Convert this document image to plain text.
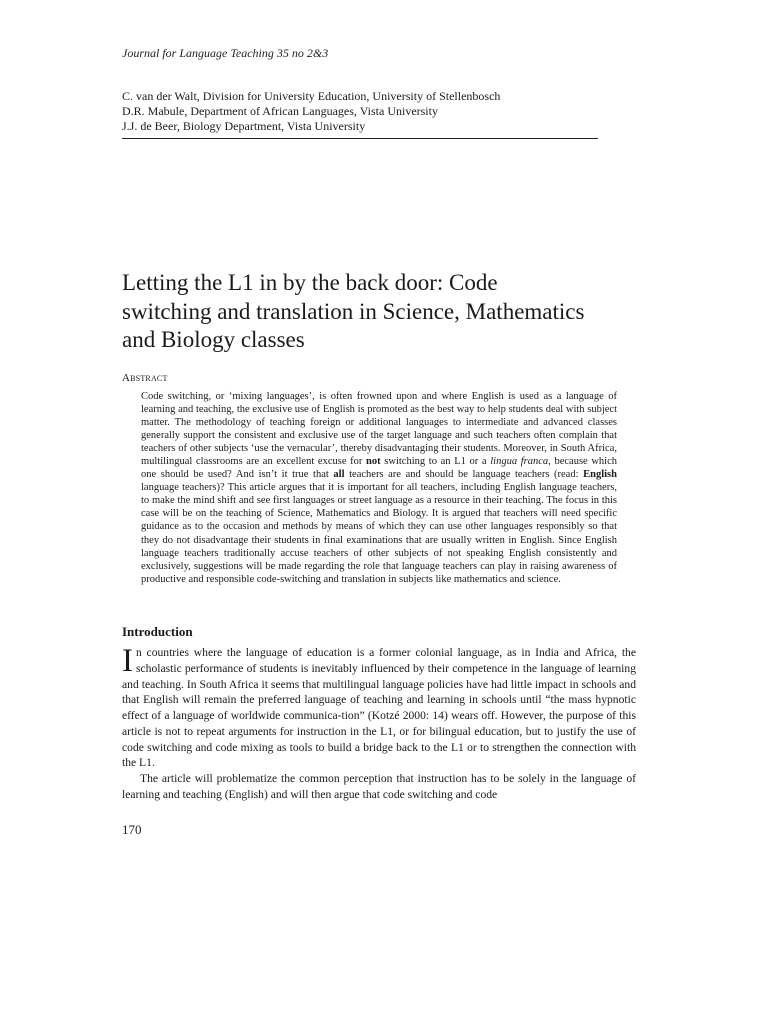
Journal for Language Teaching 35 no 2&3
C. van der Walt, Division for University Education, University of Stellenbosch
D.R. Mabule, Department of African Languages, Vista University
J.J. de Beer, Biology Department, Vista University
Letting the L1 in by the back door: Code switching and translation in Science, Mathematics and Biology classes
Abstract

Code switching, or ‘mixing languages’, is often frowned upon and where English is used as a language of learning and teaching, the exclusive use of English is promoted as the best way to help students deal with subject matter. The methodology of teaching foreign or additional languages to intermediate and advanced classes generally support the consistent and exclusive use of the target language and such teachers often complain that teachers of other subjects ‘use the vernacular’, thereby disadvantaging their students. Moreover, in South Africa, multilingual classrooms are an excellent excuse for not switching to an L1 or a lingua franca, because which one should be used? And isn’t it true that all teachers are and should be language teachers (read: English language teachers)? This article argues that it is important for all teachers, including English language teachers, to make the mind shift and see first languages or street language as a resource in their teaching. The focus in this case will be on the teaching of Science, Mathematics and Biology. It is argued that teachers will need specific guidance as to the occasion and methods by means of which they can use other languages responsibly so that they do not disadvantage their students in final examinations that are usually written in English. Since English language teachers traditionally accuse teachers of other subjects of not speaking English consistently and exclusively, suggestions will be made regarding the role that language teachers can play in raising awareness of productive and responsible code-switching and translation in subjects like mathematics and science.

Introduction

In countries where the language of education is a former colonial language, as in India and Africa, the scholastic performance of students is inevitably influenced by their competence in the language of learning and teaching. In South Africa it seems that multilingual language policies have had little impact in schools and that English will remain the preferred language of teaching and learning in schools until “the mass hypnotic effect of a language of worldwide communica-tion” (Kotzé 2000: 14) wears off. However, the purpose of this article is not to repeat arguments for instruction in the L1, or for bilingual education, but to justify the use of code switching and code mixing as tools to build a bridge back to the L1 or to strengthen the connection with the L1.

The article will problematize the common perception that instruction has to be solely in the language of learning and teaching (English) and will then argue that code switching and code

170
